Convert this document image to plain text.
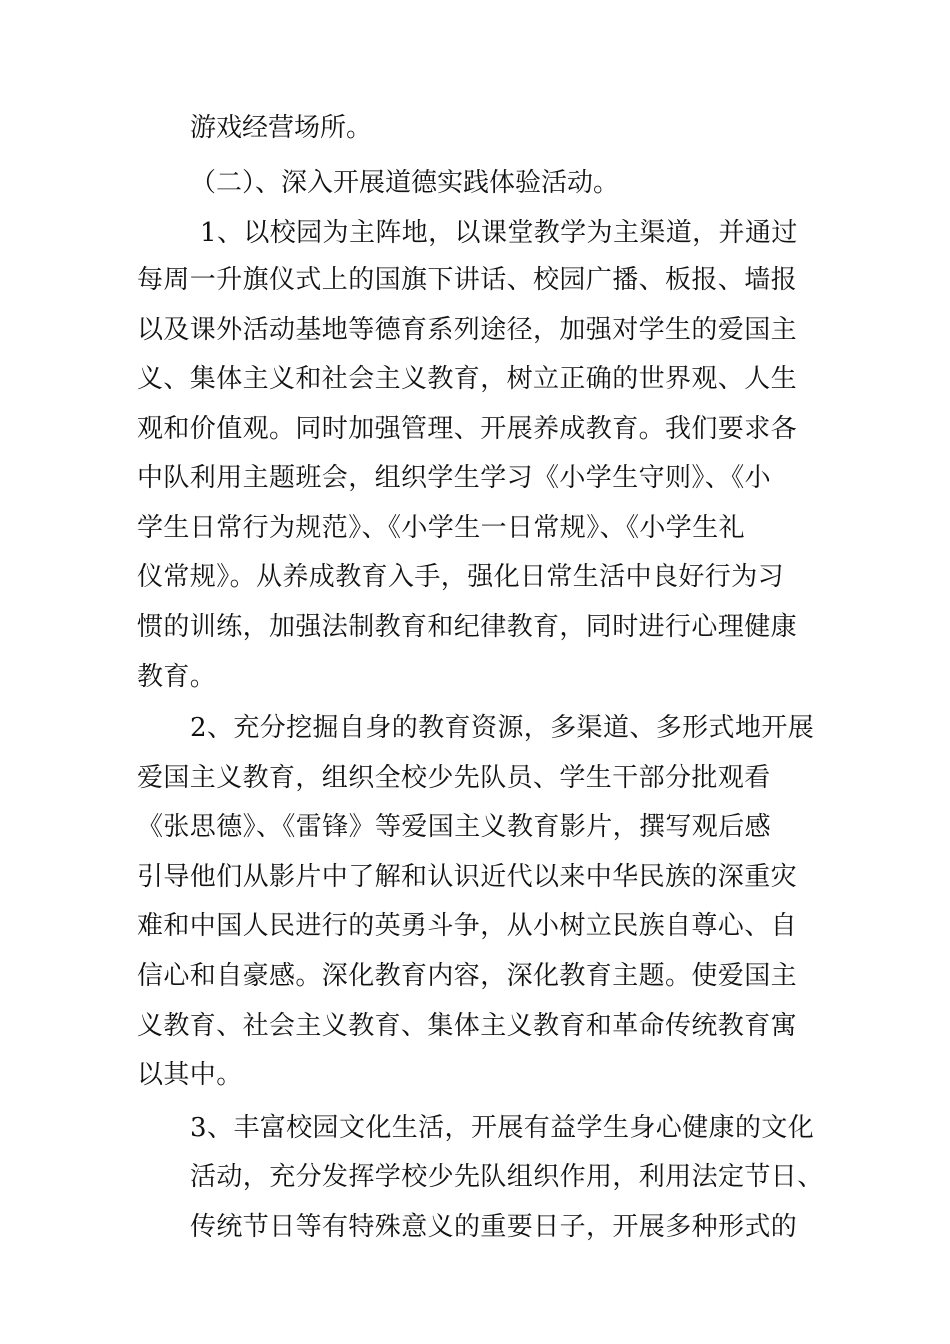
游戏经营场所。
（二）、深入开展道德实践体验活动。
1、以校园为主阵地，以课堂教学为主渠道，并通过
每周一升旗仪式上的国旗下讲话、校园广播、板报、墙报
以及课外活动基地等德育系列途径，加强对学生的爱国主
义、集体主义和社会主义教育，树立正确的世界观、人生
观和价值观。同时加强管理、开展养成教育。我们要求各
中队利用主题班会，组织学生学习《小学生守则》、《小
学生日常行为规范》、《小学生一日常规》、《小学生礼
仪常规》。从养成教育入手，强化日常生活中良好行为习
惯的训练，加强法制教育和纪律教育，同时进行心理健康
教育。
2、充分挖掘自身的教育资源，多渠道、多形式地开展
爱国主义教育，组织全校少先队员、学生干部分批观看
《张思德》、《雷锋》等爱国主义教育影片，撰写观后感
引导他们从影片中了解和认识近代以来中华民族的深重灾
难和中国人民进行的英勇斗争，从小树立民族自尊心、自
信心和自豪感。深化教育内容，深化教育主题。使爱国主
义教育、社会主义教育、集体主义教育和革命传统教育寓
以其中。
3、丰富校园文化生活，开展有益学生身心健康的文化
活动，充分发挥学校少先队组织作用，利用法定节日、
传统节日等有特殊意义的重要日子，开展多种形式的
